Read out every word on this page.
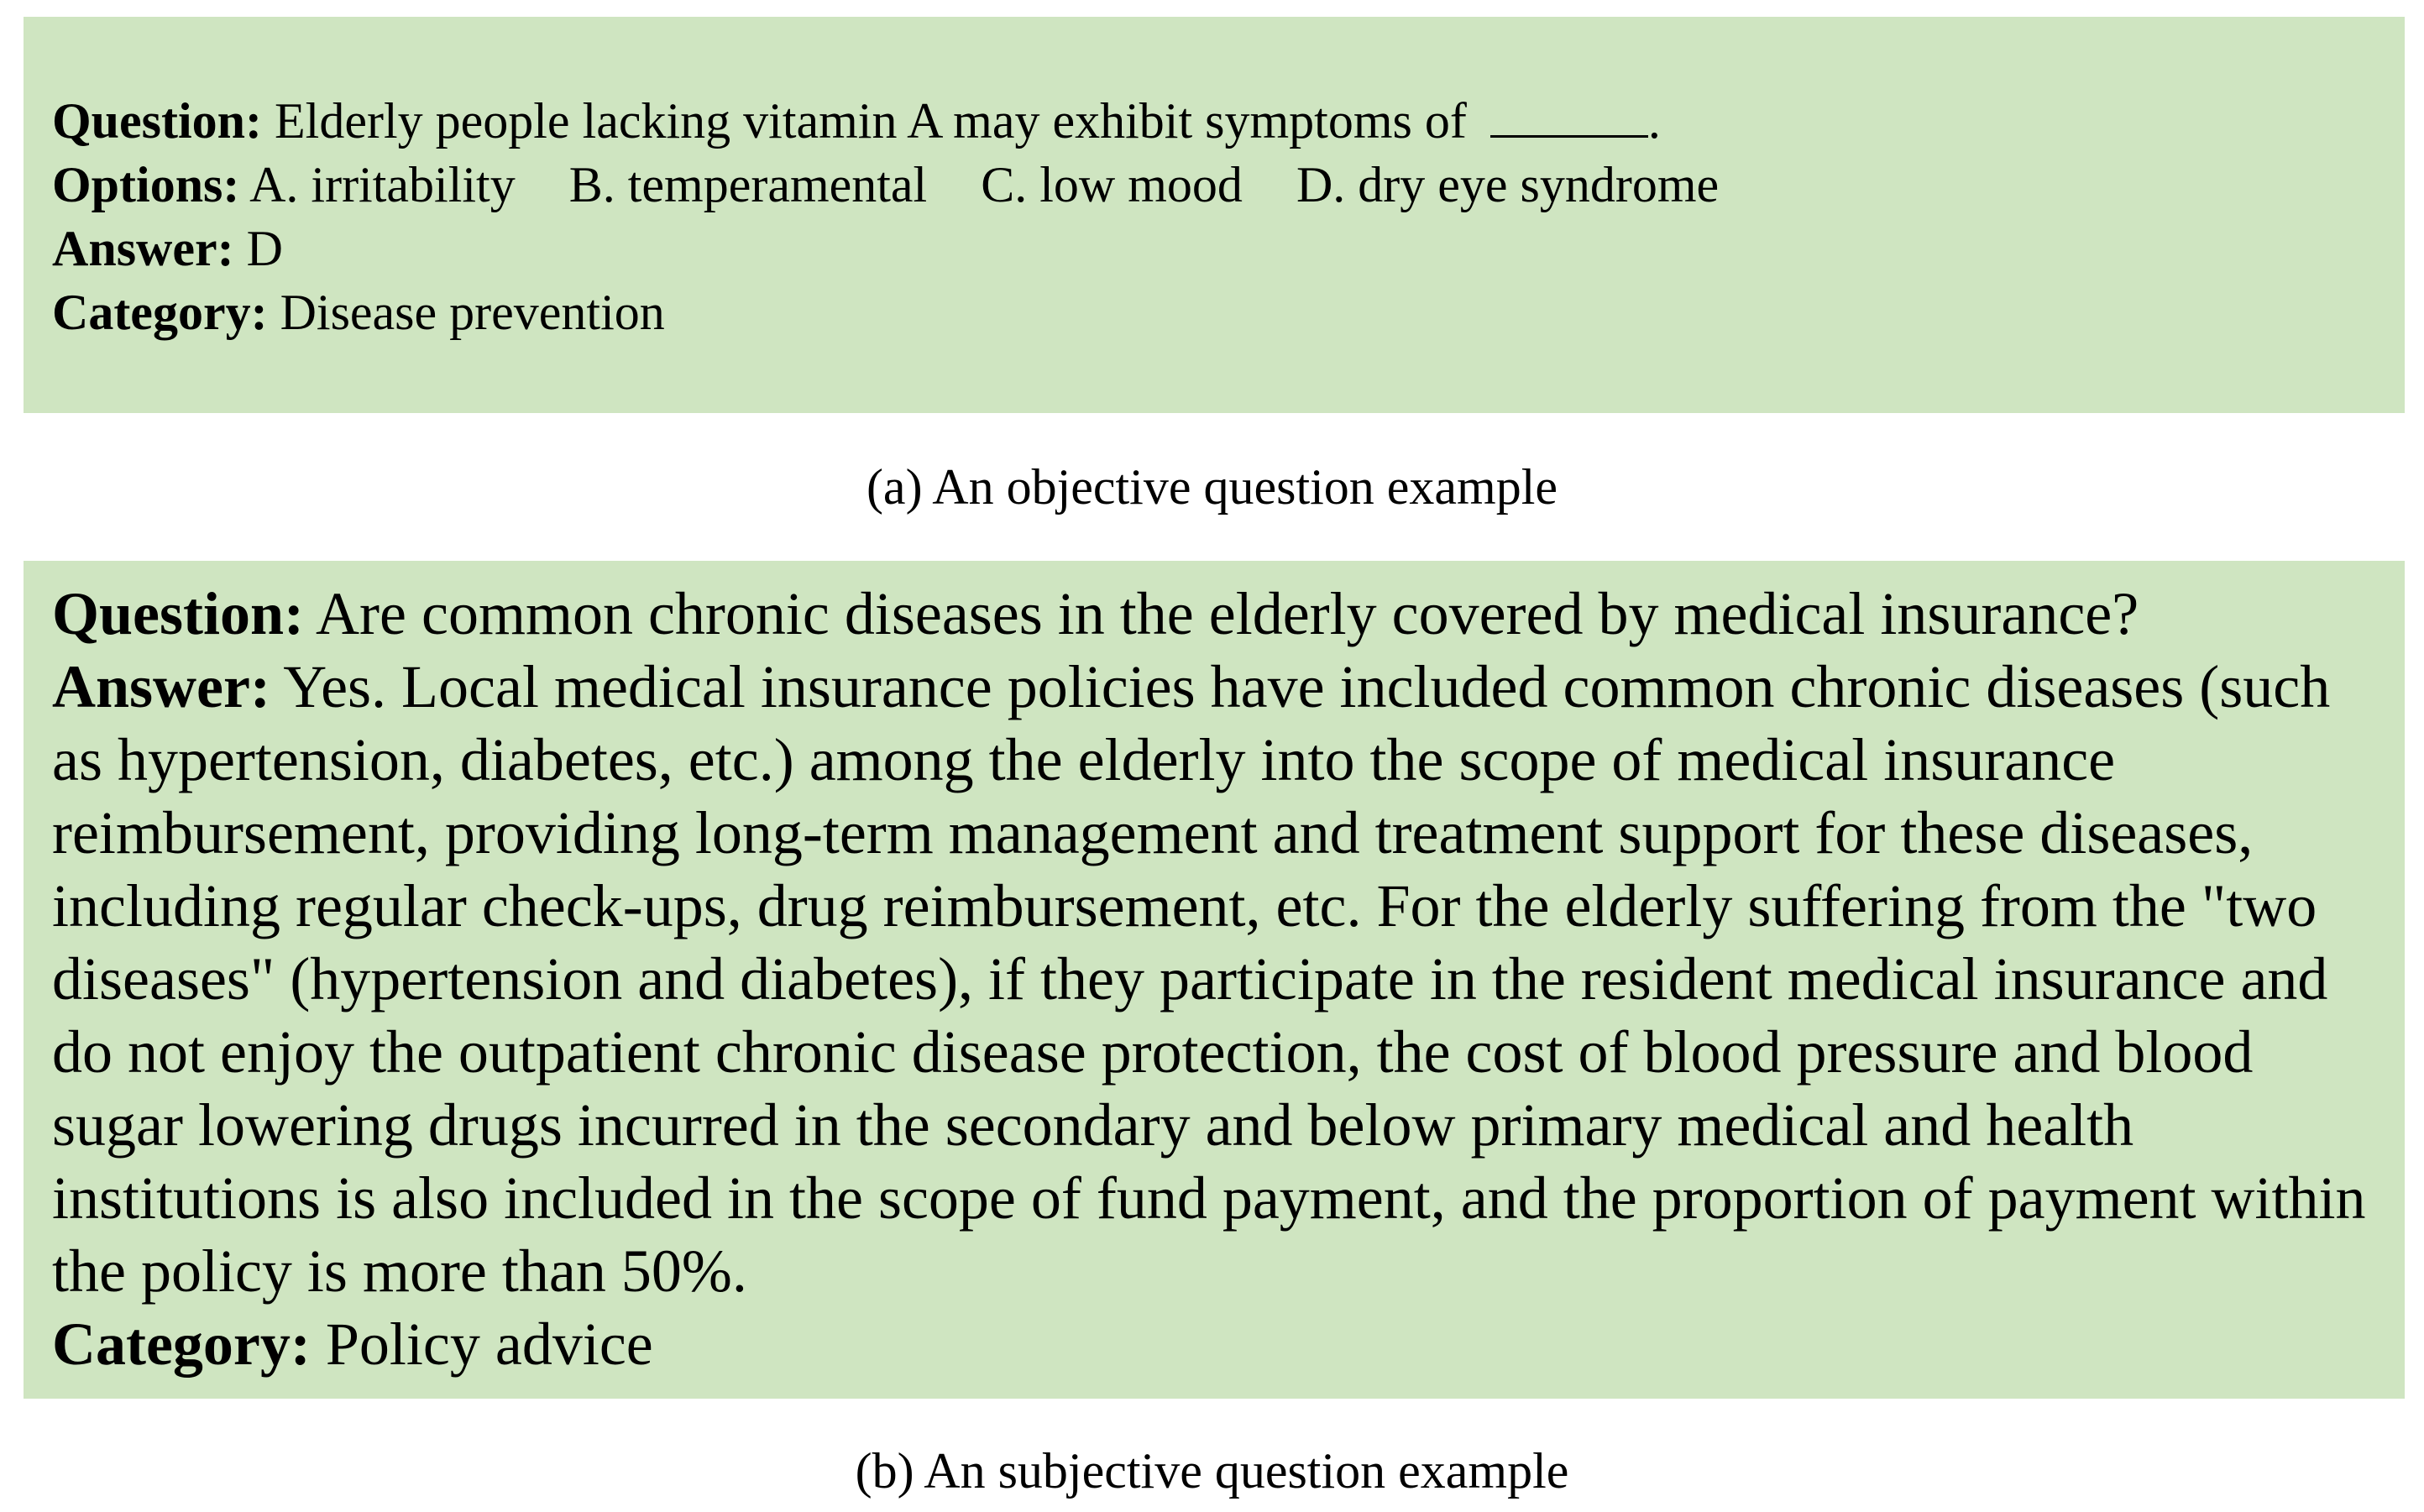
Question: Elderly people lacking vitamin A may exhibit symptoms of	.
Options: A. irritability B. temperamental C. low mood D. dry eye syndrome
Answer: D
Category: Disease prevention
(a) An objective question example
Question: Are common chronic diseases in the elderly covered by medical insurance?
Answer: Yes. Local medical insurance policies have included common chronic diseases (such as hypertension, diabetes, etc.) among the elderly into the scope of medical insurance reimbursement, providing long-term management and treatment support for these diseases, including regular check-ups, drug reimbursement, etc. For the elderly suffering from the "two diseases" (hypertension and diabetes), if they participate in the resident medical insurance and do not enjoy the outpatient chronic disease protection, the cost of blood pressure and blood sugar lowering drugs incurred in the secondary and below primary medical and health institutions is also included in the scope of fund payment, and the proportion of payment within the policy is more than 50%.
Category: Policy advice
(b) An subjective question example
